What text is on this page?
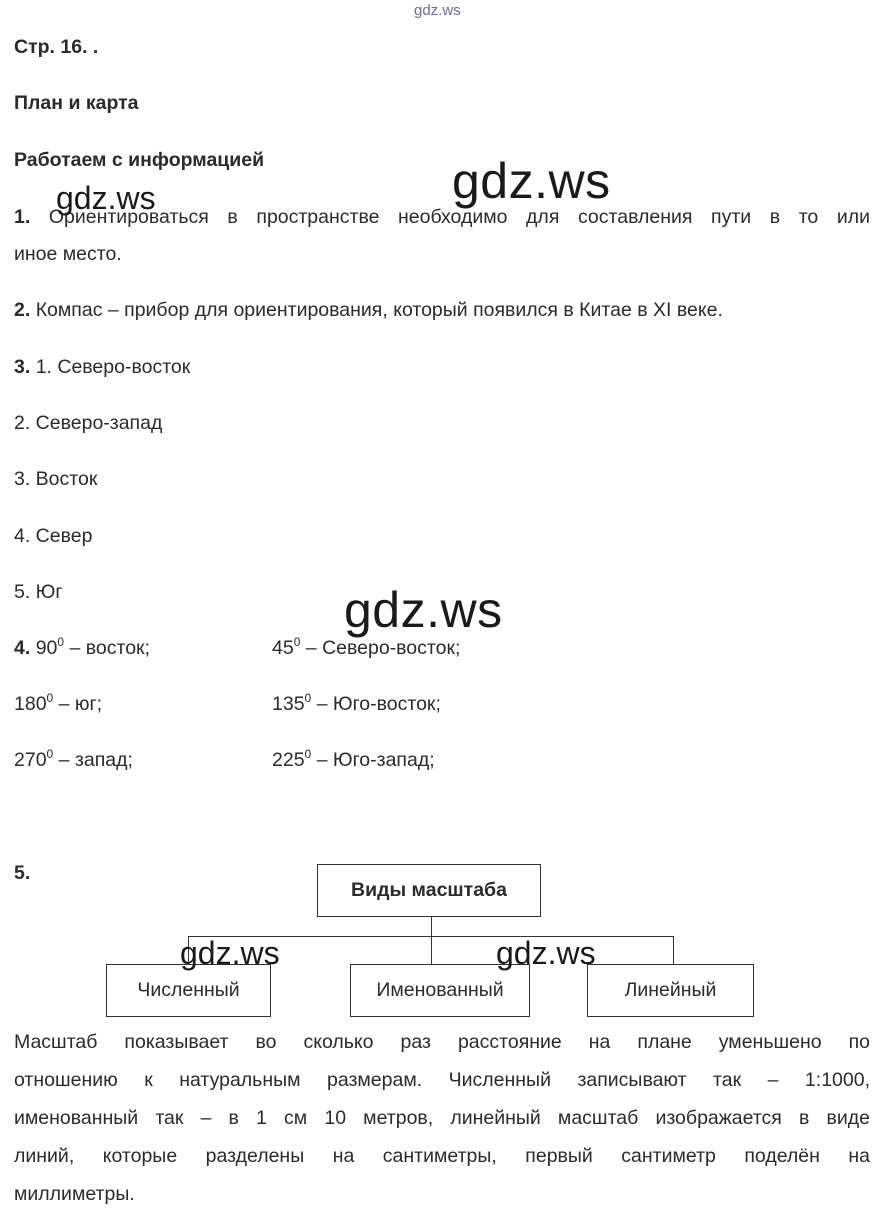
gdz.ws
Стр. 16. .
План и карта
Работаем с информацией
1. Ориентироваться в пространстве необходимо для составления пути в то или
иное место.
2. Компас – прибор для ориентирования, который появился в Китае в XI веке.
3. 1. Северо-восток
2. Северо-запад
3. Восток
4. Север
5. Юг
4. $90^0$ – восток;	$45^0$ – Северо-восток;
$180^0$ – юг;	$135^0$ – Юго-восток;
$270^0$ – запад;	$225^0$ – Юго-запад;
5.
Виды масштаба
Численный	Именованный	Линейный
Масштаб показывает во сколько раз расстояние на плане уменьшено по
отношению к натуральным размерам. Численный записывают так – 1:1000,
именованный так – в 1 см 10 метров, линейный масштаб изображается в виде
линий, которые разделены на сантиметры, первый сантиметр поделён на
миллиметры.
gdz.ws
gdz.ws
gdz.ws
gdz.ws	gdz.ws
